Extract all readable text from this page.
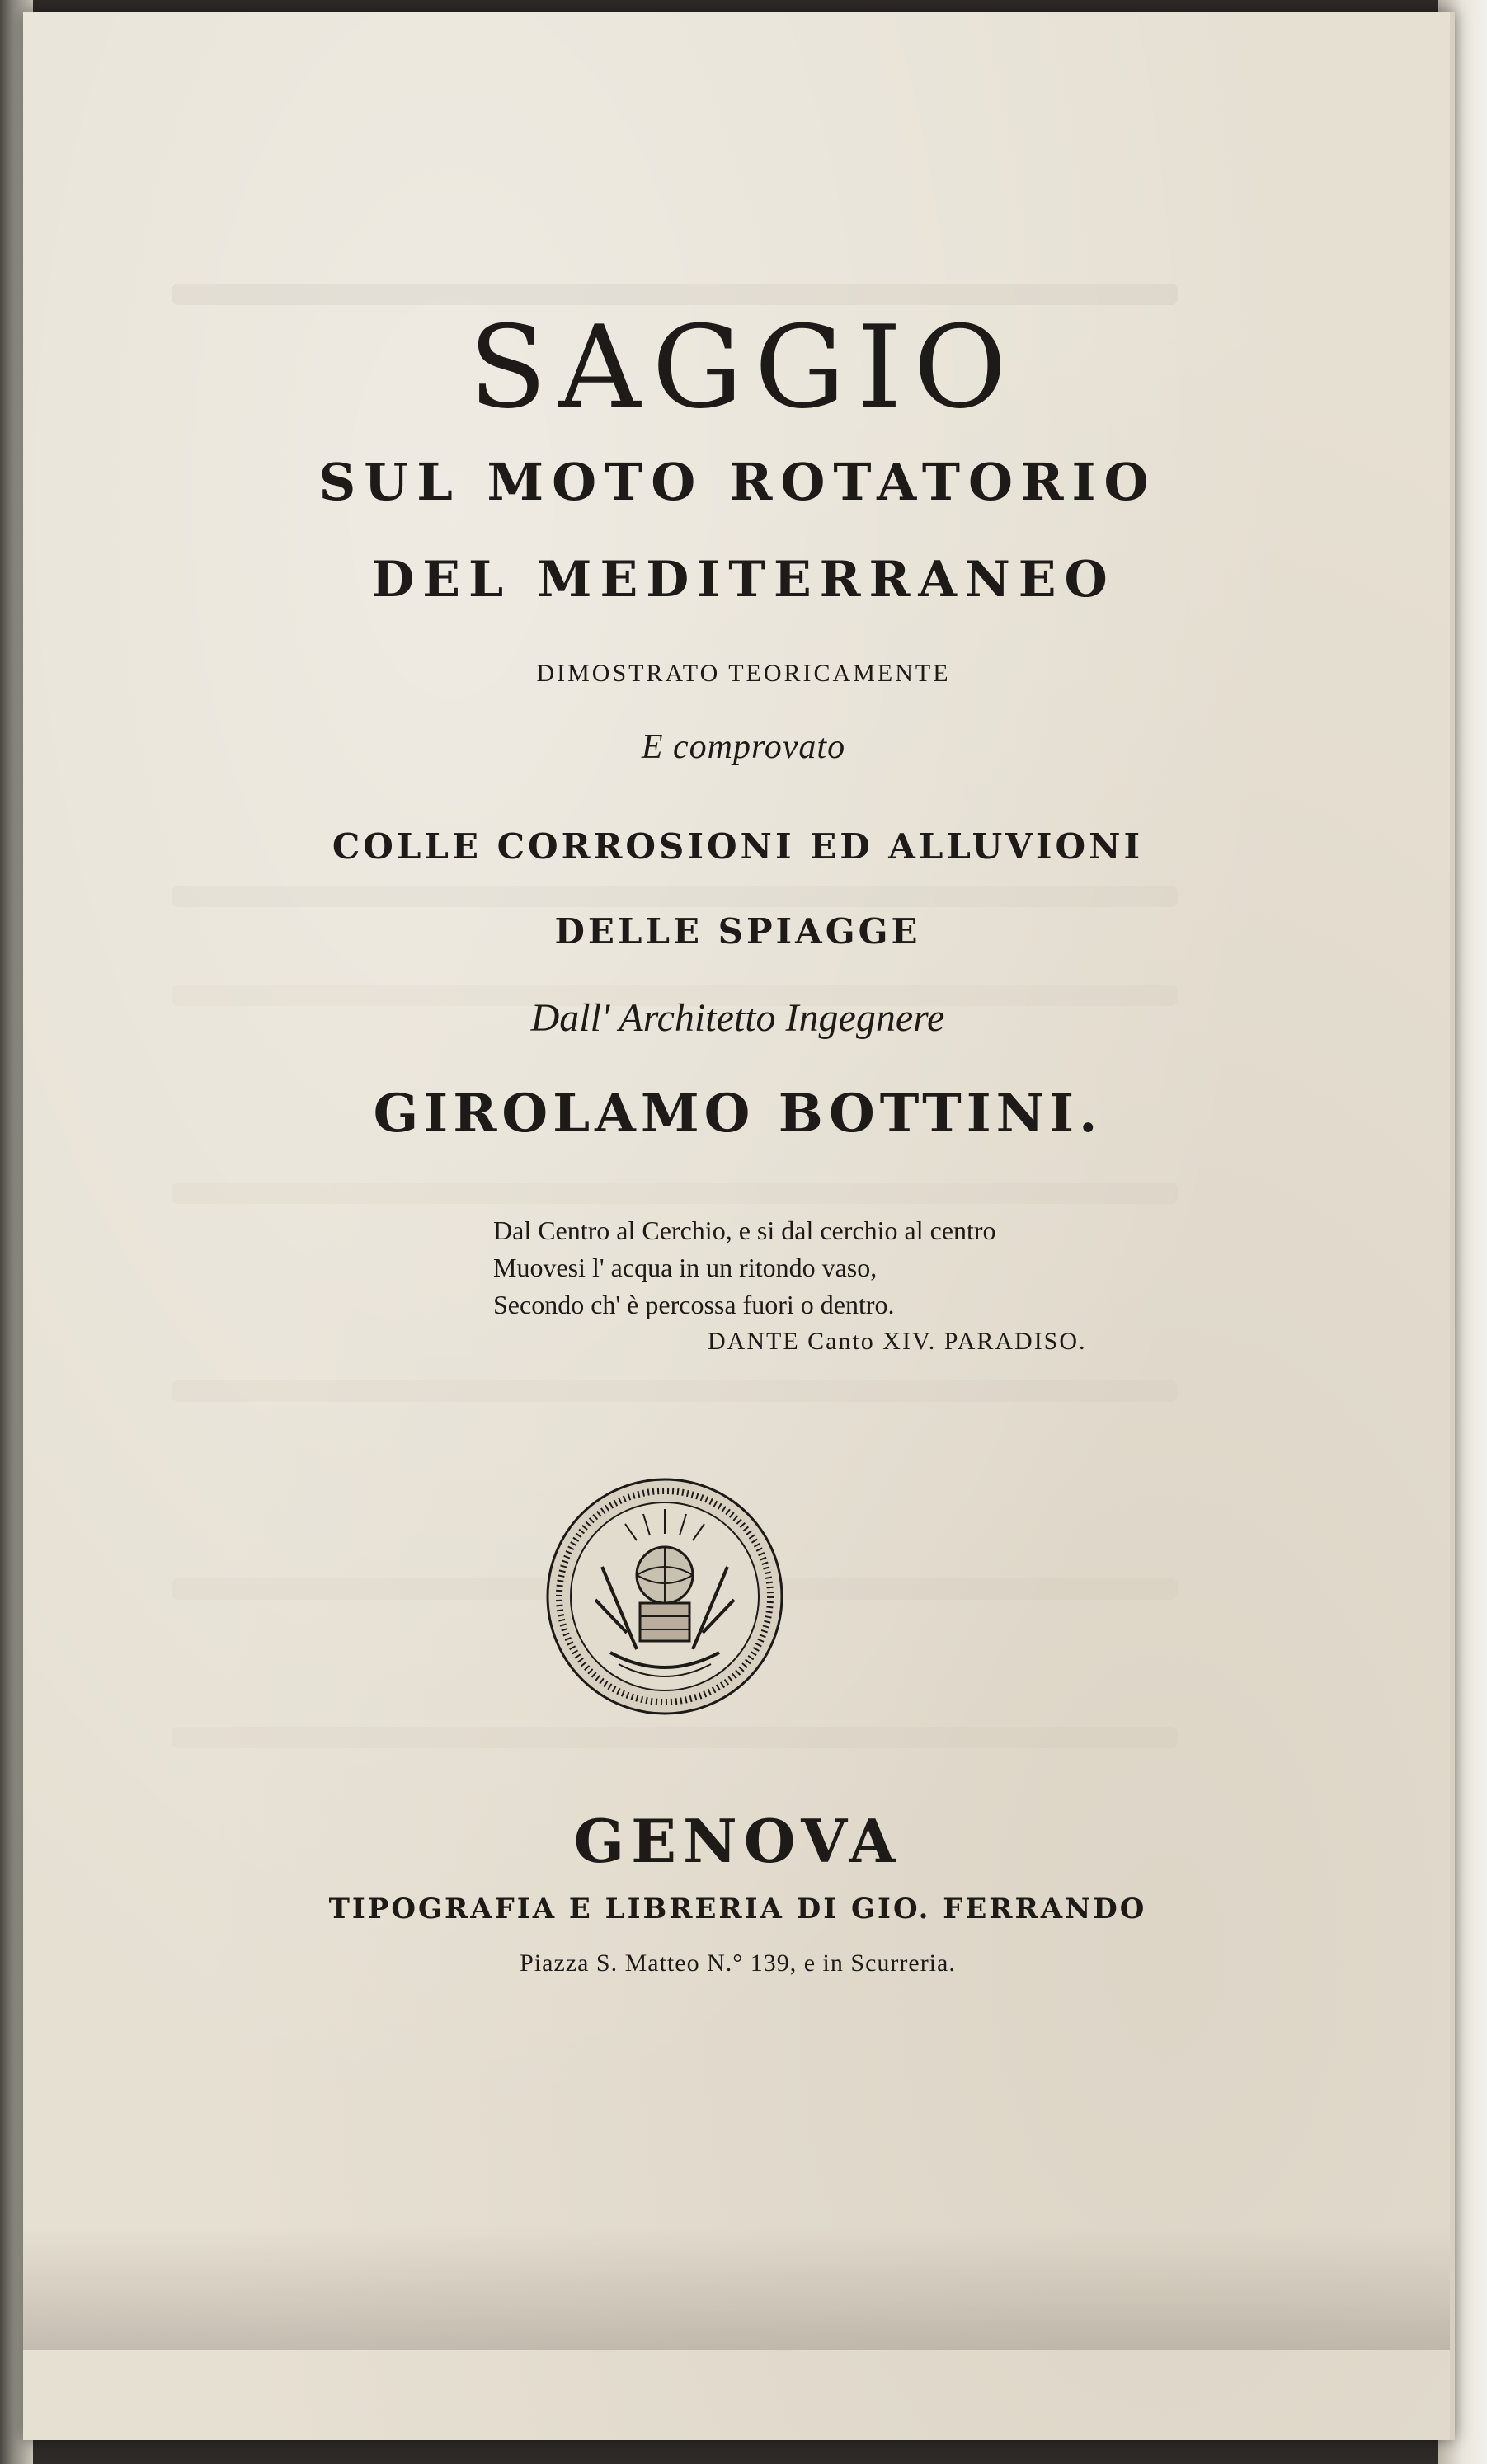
SAGGIO
SUL MOTO ROTATORIO
DEL MEDITERRANEO
DIMOSTRATO TEORICAMENTE
E comprovato
COLLE CORROSIONI ED ALLUVIONI
DELLE SPIAGGE
Dall' Architetto Ingegnere
GIROLAMO BOTTINI.
Dal Centro al Cerchio, e si dal cerchio al centro
Muovesi l' acqua in un ritondo vaso,
Secondo ch' è percossa fuori o dentro.
DANTE Canto XIV. PARADISO.
GENOVA
TIPOGRAFIA E LIBRERIA DI GIO. FERRANDO
Piazza S. Matteo N.° 139, e in Scurreria.
